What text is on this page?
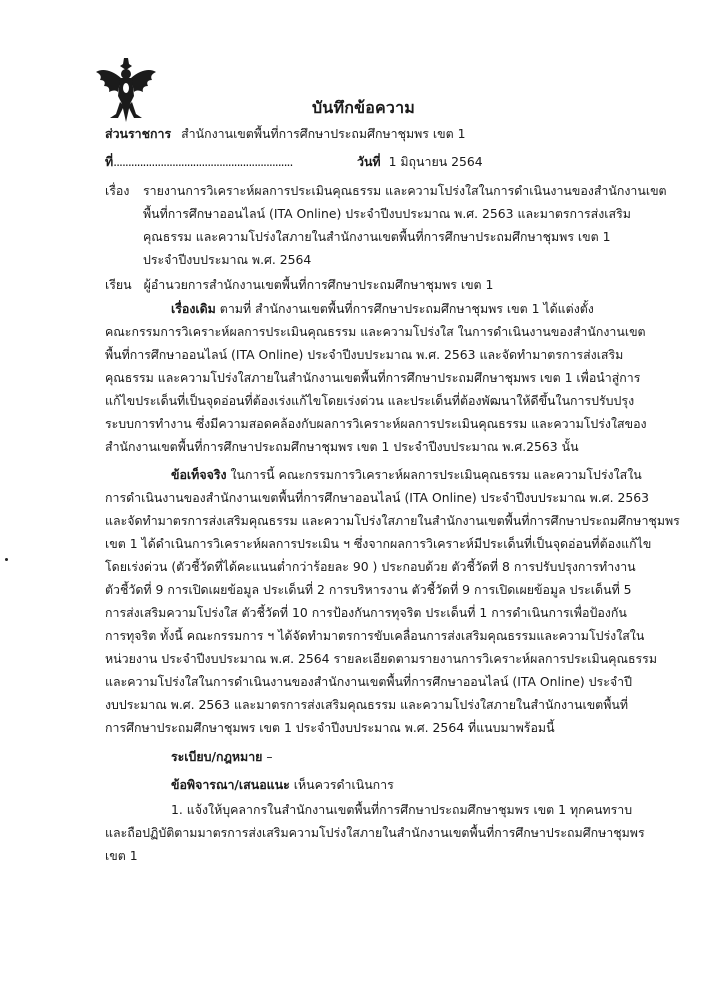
บันทึกข้อความ
ส่วนราชการ สำนักงานเขตพื้นที่การศึกษาประถมศึกษาชุมพร เขต 1
ที่.............................................................	วันที่ 1 มิถุนายน 2564
เรื่อง รายงานการวิเคราะห์ผลการประเมินคุณธรรม และความโปร่งใสในการดำเนินงานของสำนักงานเขต
พื้นที่การศึกษาออนไลน์ (ITA Online) ประจำปีงบประมาณ พ.ศ. 2563 และมาตรการส่งเสริม
คุณธรรม และความโปร่งใสภายในสำนักงานเขตพื้นที่การศึกษาประถมศึกษาชุมพร เขต 1
ประจำปีงบประมาณ พ.ศ. 2564
เรียน ผู้อำนวยการสำนักงานเขตพื้นที่การศึกษาประถมศึกษาชุมพร เขต 1
เรื่องเดิม ตามที่ สำนักงานเขตพื้นที่การศึกษาประถมศึกษาชุมพร เขต 1 ได้แต่งตั้ง
คณะกรรมการวิเคราะห์ผลการประเมินคุณธรรม และความโปร่งใส ในการดำเนินงานของสำนักงานเขต
พื้นที่การศึกษาออนไลน์ (ITA Online) ประจำปีงบประมาณ พ.ศ. 2563 และจัดทำมาตรการส่งเสริม
คุณธรรม และความโปร่งใสภายในสำนักงานเขตพื้นที่การศึกษาประถมศึกษาชุมพร เขต 1 เพื่อนำสู่การ
แก้ไขประเด็นที่เป็นจุดอ่อนที่ต้องเร่งแก้ไขโดยเร่งด่วน และประเด็นที่ต้องพัฒนาให้ดีขึ้นในการปรับปรุง
ระบบการทำงาน ซึ่งมีความสอดคล้องกับผลการวิเคราะห์ผลการประเมินคุณธรรม และความโปร่งใสของ
สำนักงานเขตพื้นที่การศึกษาประถมศึกษาชุมพร เขต 1 ประจำปีงบประมาณ พ.ศ.2563 นั้น
ข้อเท็จจริง ในการนี้ คณะกรรมการวิเคราะห์ผลการประเมินคุณธรรม และความโปร่งใสใน
การดำเนินงานของสำนักงานเขตพื้นที่การศึกษาออนไลน์ (ITA Online) ประจำปีงบประมาณ พ.ศ. 2563
และจัดทำมาตรการส่งเสริมคุณธรรม และความโปร่งใสภายในสำนักงานเขตพื้นที่การศึกษาประถมศึกษาชุมพร
เขต 1 ได้ดำเนินการวิเคราะห์ผลการประเมิน ฯ ซึ่งจากผลการวิเคราะห์มีประเด็นที่เป็นจุดอ่อนที่ต้องแก้ไข
โดยเร่งด่วน (ตัวชี้วัดที่ได้คะแนนต่ำกว่าร้อยละ 90 ) ประกอบด้วย ตัวชี้วัดที่ 8 การปรับปรุงการทำงาน
ตัวชี้วัดที่ 9 การเปิดเผยข้อมูล ประเด็นที่ 2 การบริหารงาน ตัวชี้วัดที่ 9 การเปิดเผยข้อมูล ประเด็นที่ 5
การส่งเสริมความโปร่งใส ตัวชี้วัดที่ 10 การป้องกันการทุจริต ประเด็นที่ 1 การดำเนินการเพื่อป้องกัน
การทุจริต ทั้งนี้ คณะกรรมการ ฯ ได้จัดทำมาตรการขับเคลื่อนการส่งเสริมคุณธรรมและความโปร่งใสใน
หน่วยงาน ประจำปีงบประมาณ พ.ศ. 2564 รายละเอียดตามรายงานการวิเคราะห์ผลการประเมินคุณธรรม
และความโปร่งใสในการดำเนินงานของสำนักงานเขตพื้นที่การศึกษาออนไลน์ (ITA Online) ประจำปี
งบประมาณ พ.ศ. 2563 และมาตรการส่งเสริมคุณธรรม และความโปร่งใสภายในสำนักงานเขตพื้นที่
การศึกษาประถมศึกษาชุมพร เขต 1 ประจำปีงบประมาณ พ.ศ. 2564 ที่แนบมาพร้อมนี้
ระเบียบ/กฎหมาย –
ข้อพิจารณา/เสนอแนะ เห็นควรดำเนินการ
1. แจ้งให้บุคลากรในสำนักงานเขตพื้นที่การศึกษาประถมศึกษาชุมพร เขต 1 ทุกคนทราบ
และถือปฏิบัติตามมาตรการส่งเสริมความโปร่งใสภายในสำนักงานเขตพื้นที่การศึกษาประถมศึกษาชุมพร
เขต 1
